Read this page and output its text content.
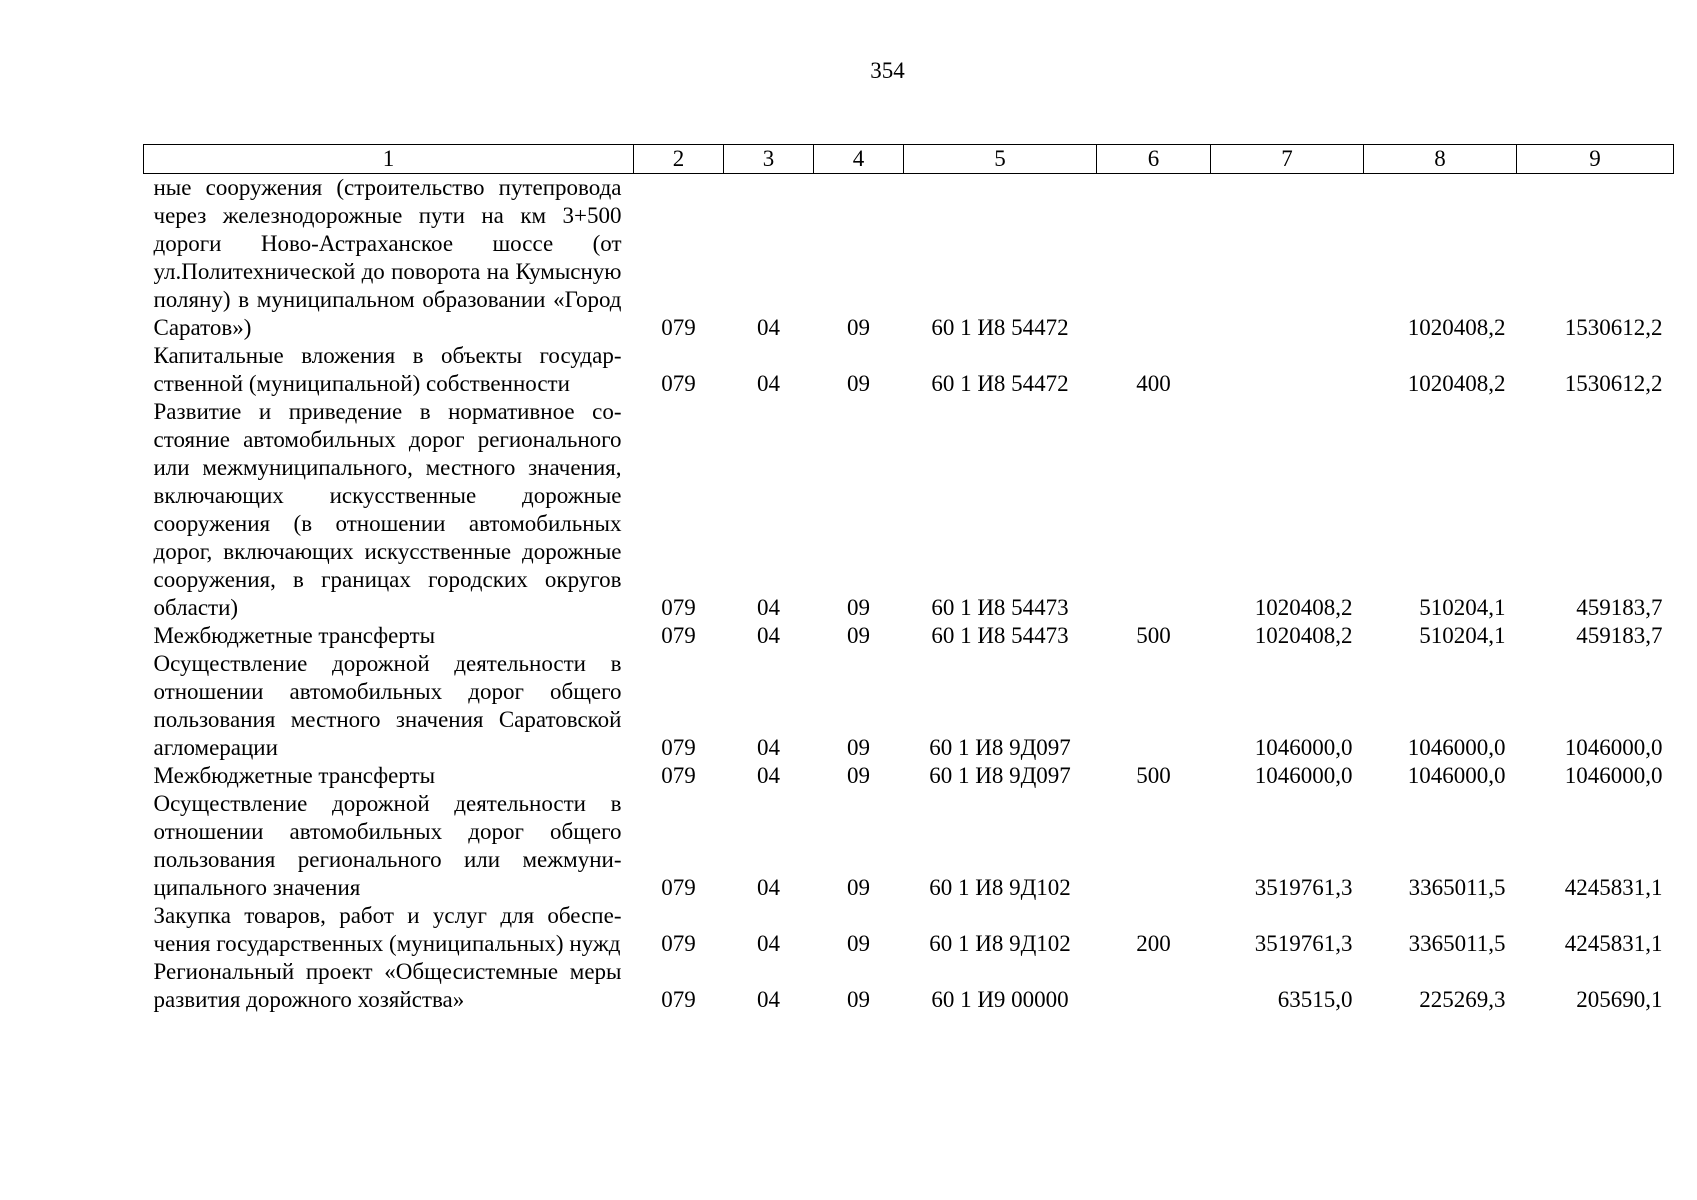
354
1	2	3	4	5	6	7	8	9
ные сооружения (строительство путепровода через железнодорожные пути на км 3+500 дороги Ново-Астраханское шоссе (от ул.Политехнической до поворота на Кумысную поляну) в муниципальном образовании «Город Саратов»)	079	04	09	60 1 И8 54472			1020408,2	1530612,2
Капитальные вложения в объекты государственной (муниципальной) собственности	079	04	09	60 1 И8 54472	400		1020408,2	1530612,2
Развитие и приведение в нормативное состояние автомобильных дорог регионального или межмуниципального, местного значения, включающих искусственные дорожные сооружения (в отношении автомобильных дорог, включающих искусственные дорожные сооружения, в границах городских округов области)	079	04	09	60 1 И8 54473		1020408,2	510204,1	459183,7
Межбюджетные трансферты	079	04	09	60 1 И8 54473	500	1020408,2	510204,1	459183,7
Осуществление дорожной деятельности в отношении автомобильных дорог общего пользования местного значения Саратовской агломерации	079	04	09	60 1 И8 9Д097		1046000,0	1046000,0	1046000,0
Межбюджетные трансферты	079	04	09	60 1 И8 9Д097	500	1046000,0	1046000,0	1046000,0
Осуществление дорожной деятельности в отношении автомобильных дорог общего пользования регионального или межмуниципального значения	079	04	09	60 1 И8 9Д102		3519761,3	3365011,5	4245831,1
Закупка товаров, работ и услуг для обеспечения государственных (муниципальных) нужд	079	04	09	60 1 И8 9Д102	200	3519761,3	3365011,5	4245831,1
Региональный проект «Общесистемные меры развития дорожного хозяйства»	079	04	09	60 1 И9 00000		63515,0	225269,3	205690,1
